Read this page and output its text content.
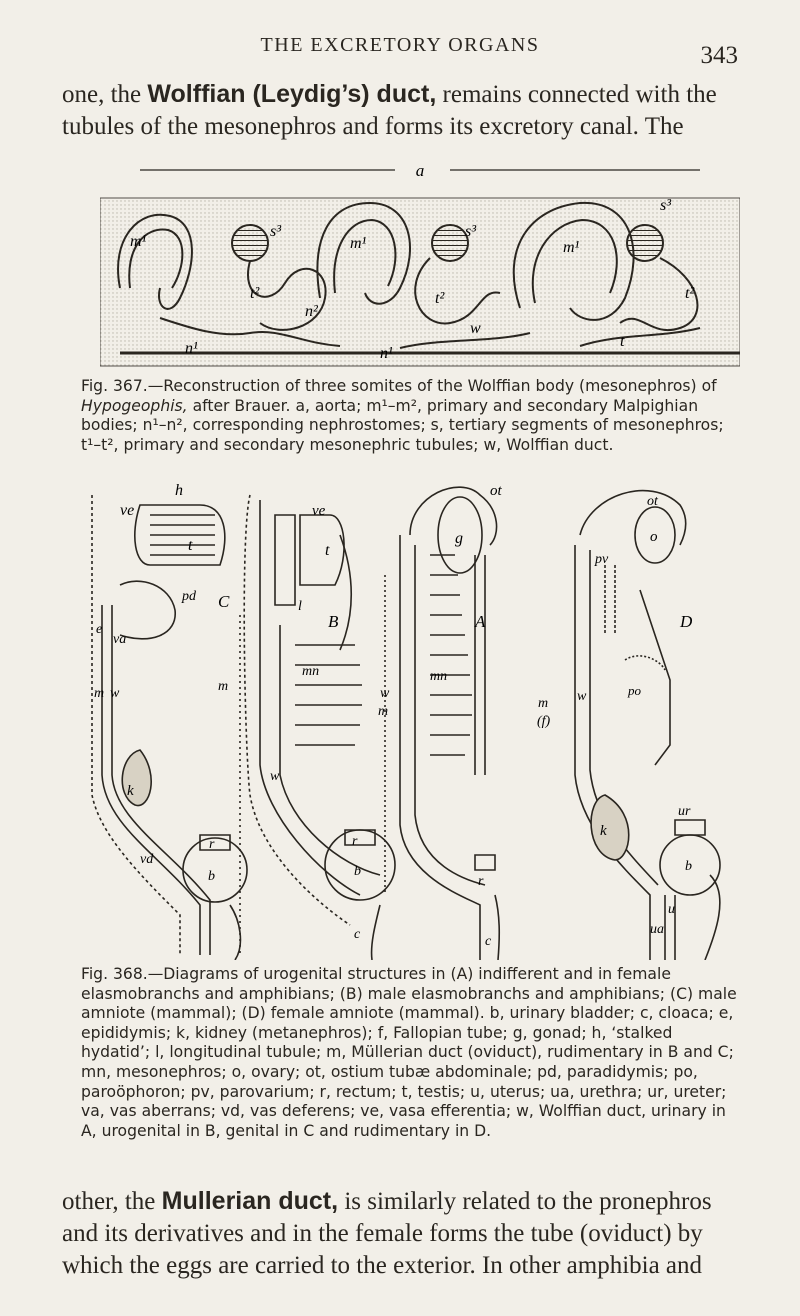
THE EXCRETORY ORGANS	343
one, the Wolffian (Leydig’s) duct, remains connected with the tubules of the mesonephros and forms its excretory canal. The
a
m¹
s³
t²
n²
n¹
m¹
s³
t²
n¹
w
m¹
s³
t²
t
Fig. 367.—Reconstruction of three somites of the Wolffian body (mesonephros) of Hypogeophis, after Brauer. a, aorta; m¹–m², primary and secondary Malpighian bodies; n¹–n², corresponding nephrostomes; s, tertiary segments of mesonephros; t¹–t², primary and secondary mesonephric tubules; w, Wolffian duct.
h
ve
t
pd C
e
va
m w	m
k
vd
r
b
ve
t
l
B
mn
w
r
b
c
w
m
ot
g
A
mn
r
c
m
(f)
ot
o
pv
D
w	po
k
ur
b
u
ua
Fig. 368.—Diagrams of urogenital structures in (A) indifferent and in female elasmobranchs and amphibians; (B) male elasmobranchs and amphibians; (C) male amniote (mammal); (D) female amniote (mammal). b, urinary bladder; c, cloaca; e, epididymis; k, kidney (metanephros); f, Fallopian tube; g, gonad; h, ‘stalked hydatid’; l, longitudinal tubule; m, Müllerian duct (oviduct), rudimentary in B and C; mn, mesonephros; o, ovary; ot, ostium tubæ abdominale; pd, paradidymis; po, paroöphoron; pv, parovarium; r, rectum; t, testis; u, uterus; ua, urethra; ur, ureter; va, vas aberrans; vd, vas deferens; ve, vasa efferentia; w, Wolffian duct, urinary in A, urogenital in B, genital in C and rudimentary in D.
other, the Mullerian duct, is similarly related to the pronephros and its derivatives and in the female forms the tube (oviduct) by which the eggs are carried to the exterior. In other amphibia and
